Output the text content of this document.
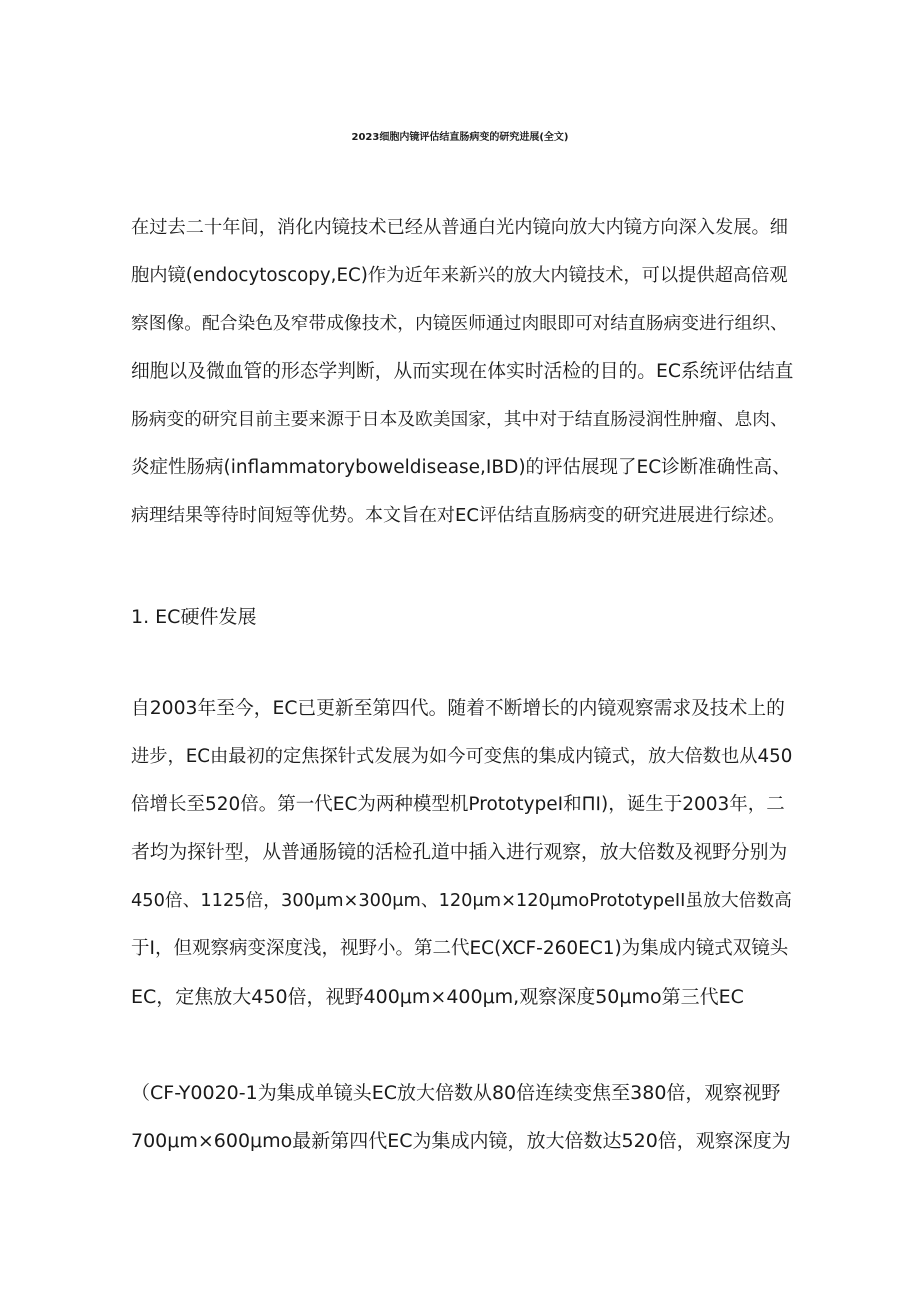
2023细胞内镜评估结直肠病变的研究进展(全文)
在过去二十年间，消化内镜技术已经从普通白光内镜向放大内镜方向深入发展。细
胞内镜(endocytoscopy,EC)作为近年来新兴的放大内镜技术，可以提供超高倍观
察图像。配合染色及窄带成像技术，内镜医师通过肉眼即可对结直肠病变进行组织、
细胞以及微血管的形态学判断，从而实现在体实时活检的目的。EC系统评估结直
肠病变的研究目前主要来源于日本及欧美国家，其中对于结直肠浸润性肿瘤、息肉、
炎症性肠病(inflammatoryboweldisease,IBD)的评估展现了EC诊断准确性高、
病理结果等待时间短等优势。本文旨在对EC评估结直肠病变的研究进展进行综述。
1. EC硬件发展
自2003年至今，EC已更新至第四代。随着不断增长的内镜观察需求及技术上的
进步，EC由最初的定焦探针式发展为如今可变焦的集成内镜式，放大倍数也从450
倍增长至520倍。第一代EC为两种模型机PrototypeI和ΠΙ)，诞生于2003年，二
者均为探针型，从普通肠镜的活检孔道中插入进行观察，放大倍数及视野分别为
450倍、1125倍，300μm×300μm、120μm×120μmoPrototypeII虽放大倍数高
于I，但观察病变深度浅，视野小。第二代EC(XCF-260EC1)为集成内镜式双镜头
EC，定焦放大450倍，视野400μm×400μm,观察深度50μmo第三代EC
（CF-Y0020-1为集成单镜头EC放大倍数从80倍连续变焦至380倍，观察视野
700μm×600μmo最新第四代EC为集成内镜，放大倍数达520倍，观察深度为
